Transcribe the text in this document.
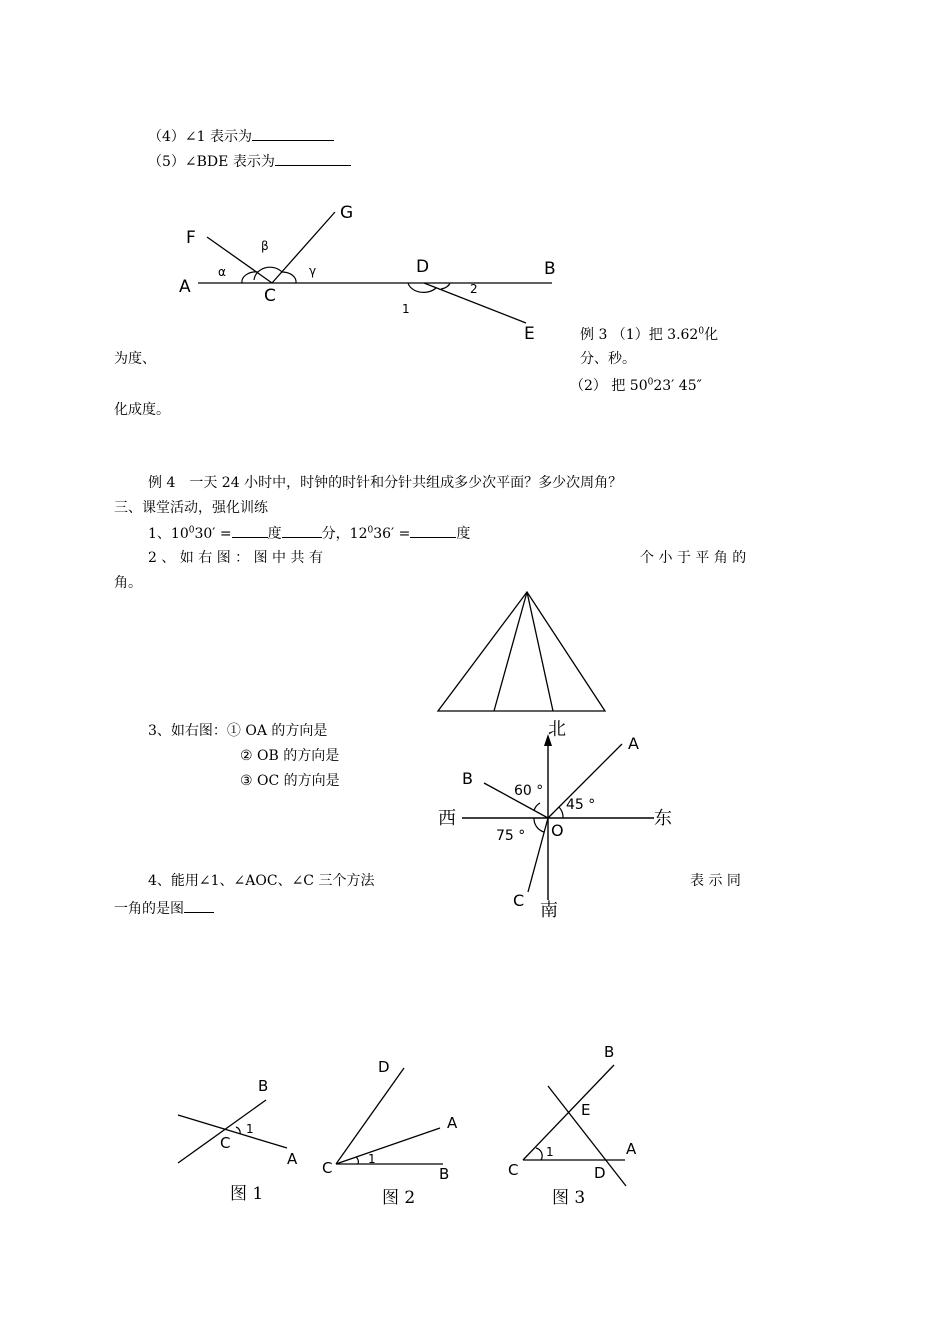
（4）∠1 表示为
（5）∠BDE 表示为
F
G
A	C
D	B
E
α
β
γ
1
2
例 3 （1）把 3.62$^0$化
为度、	分、秒。
（2） 把 $50^023'$ 45″
化成度。
例 4　一天 24 小时中，时钟的时针和分针共组成多少次平面？多少次周角？
三、课堂活动，强化训练
1、$10^030'$ =	度	分，$12^036'$ =	度
2 、 如 右 图 ： 图 中 共 有	个 小 于 平 角 的
角。
3、如右图：① OA 的方向是
② OB 的方向是
③ OC 的方向是
北
南
西	东
A
B
C
O
60 °
45 °
75 °
4、能用∠1、∠AOC、∠C 三个方法	表 示 同
一角的是图
B
C
1
A
图 1
D
A
C	1
B
图 2
B
E
A
C
1
D
图 3
